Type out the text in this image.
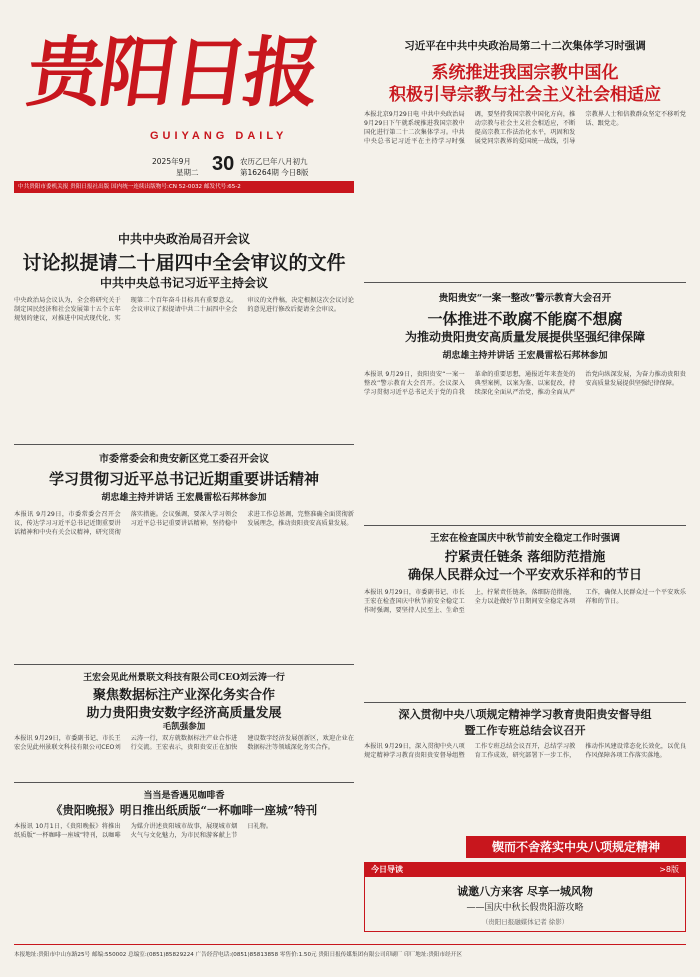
贵阳日报
GUIYANG DAILY
2025年9月
星期二 30 农历乙巳年八月初九
第16264期 今日8版
中共贵阳市委机关报 贵阳日报社出版 国内统一连续出版物号:CN 52-0032 邮发代号:65-2
习近平在中共中央政治局第二十二次集体学习时强调
系统推进我国宗教中国化
积极引导宗教与社会主义社会相适应
本报北京9月29日电 中共中央政治局9月29日下午就系统推进我国宗教中国化进行第二十二次集体学习。中共中央总书记习近平在主持学习时强调，要坚持我国宗教中国化方向，推动宗教与社会主义社会相适应，不断提高宗教工作法治化水平，巩固和发展党同宗教界的爱国统一战线，引导宗教界人士和信教群众坚定不移听党话、跟党走。
中共中央政治局召开会议
讨论拟提请二十届四中全会审议的文件
中共中央总书记习近平主持会议
中央政治局会议认为，全会将研究关于制定国民经济和社会发展第十五个五年规划的建议，对推进中国式现代化、实现第二个百年奋斗目标具有重要意义。会议审议了拟提请中共二十届四中全会审议的文件稿，决定根据这次会议讨论的意见进行修改后提请全会审议。
贵阳贵安“一案一整改”警示教育大会召开
一体推进不敢腐不能腐不想腐
为推动贵阳贵安高质量发展提供坚强纪律保障
胡忠雄主持并讲话 王宏晨雷松石邦林参加
本报讯 9月29日，贵阳贵安“一案一整改”警示教育大会召开。会议深入学习贯彻习近平总书记关于党的自我革命的重要思想，通报近年来查处的典型案例，以案为鉴、以案促改，持续深化全面从严治党，推动全面从严治党向纵深发展，为奋力推动贵阳贵安高质量发展提供坚强纪律保障。
市委常委会和贵安新区党工委召开会议
学习贯彻习近平总书记近期重要讲话精神
胡忠雄主持并讲话 王宏晨雷松石邦林参加
本报讯 9月29日，市委常委会召开会议，传达学习习近平总书记近期重要讲话精神和中央有关会议精神，研究贯彻落实措施。会议强调，要深入学习领会习近平总书记重要讲话精神，坚持稳中求进工作总基调，完整准确全面贯彻新发展理念，推动贵阳贵安高质量发展。
王宏在检查国庆中秋节前安全稳定工作时强调
拧紧责任链条 落细防范措施
确保人民群众过一个平安欢乐祥和的节日
本报讯 9月29日，市委副书记、市长王宏在检查国庆中秋节前安全稳定工作时强调，要坚持人民至上、生命至上，拧紧责任链条，落细防范措施，全力以赴做好节日期间安全稳定各项工作，确保人民群众过一个平安欢乐祥和的节日。
王宏会见此州景联文科技有限公司CEO刘云涛一行
聚焦数据标注产业深化务实合作
助力贵阳贵安数字经济高质量发展
毛凯强参加
本报讯 9月29日，市委副书记、市长王宏会见此州景联文科技有限公司CEO刘云涛一行，双方就数据标注产业合作进行交流。王宏表示，贵阳贵安正在加快建设数字经济发展创新区，欢迎企业在数据标注等领域深化务实合作。
深入贯彻中央八项规定精神学习教育贵阳贵安督导组
暨工作专班总结会议召开
本报讯 9月29日，深入贯彻中央八项规定精神学习教育贵阳贵安督导组暨工作专班总结会议召开，总结学习教育工作成效，研究部署下一步工作，推动作风建设常态化长效化，以优良作风保障各项工作落实落地。
锲而不舍落实中央八项规定精神
当当是香遇见咖啡香
《贵阳晚报》明日推出纸质版“一杯咖啡一座城”特刊
本报讯 10月1日，《贵阳晚报》将推出纸质版“一杯咖啡一座城”特刊，以咖啡为媒介讲述贵阳城市故事，展现城市烟火气与文化魅力，为市民和游客献上节日礼物。
今日导读	>8版
诚邀八方来客 尽享一城风物
——国庆中秋长假贵阳游攻略
（贵阳日报融媒体记者 徐影）
本报地址:贵阳市中山东路25号 邮编:550002 总编室:(0851)85829224 广告经营电话:(0851)85813858 零售价:1.50元 贵阳日报传媒集团有限公司印刷厂 印厂地址:贵阳市经开区
